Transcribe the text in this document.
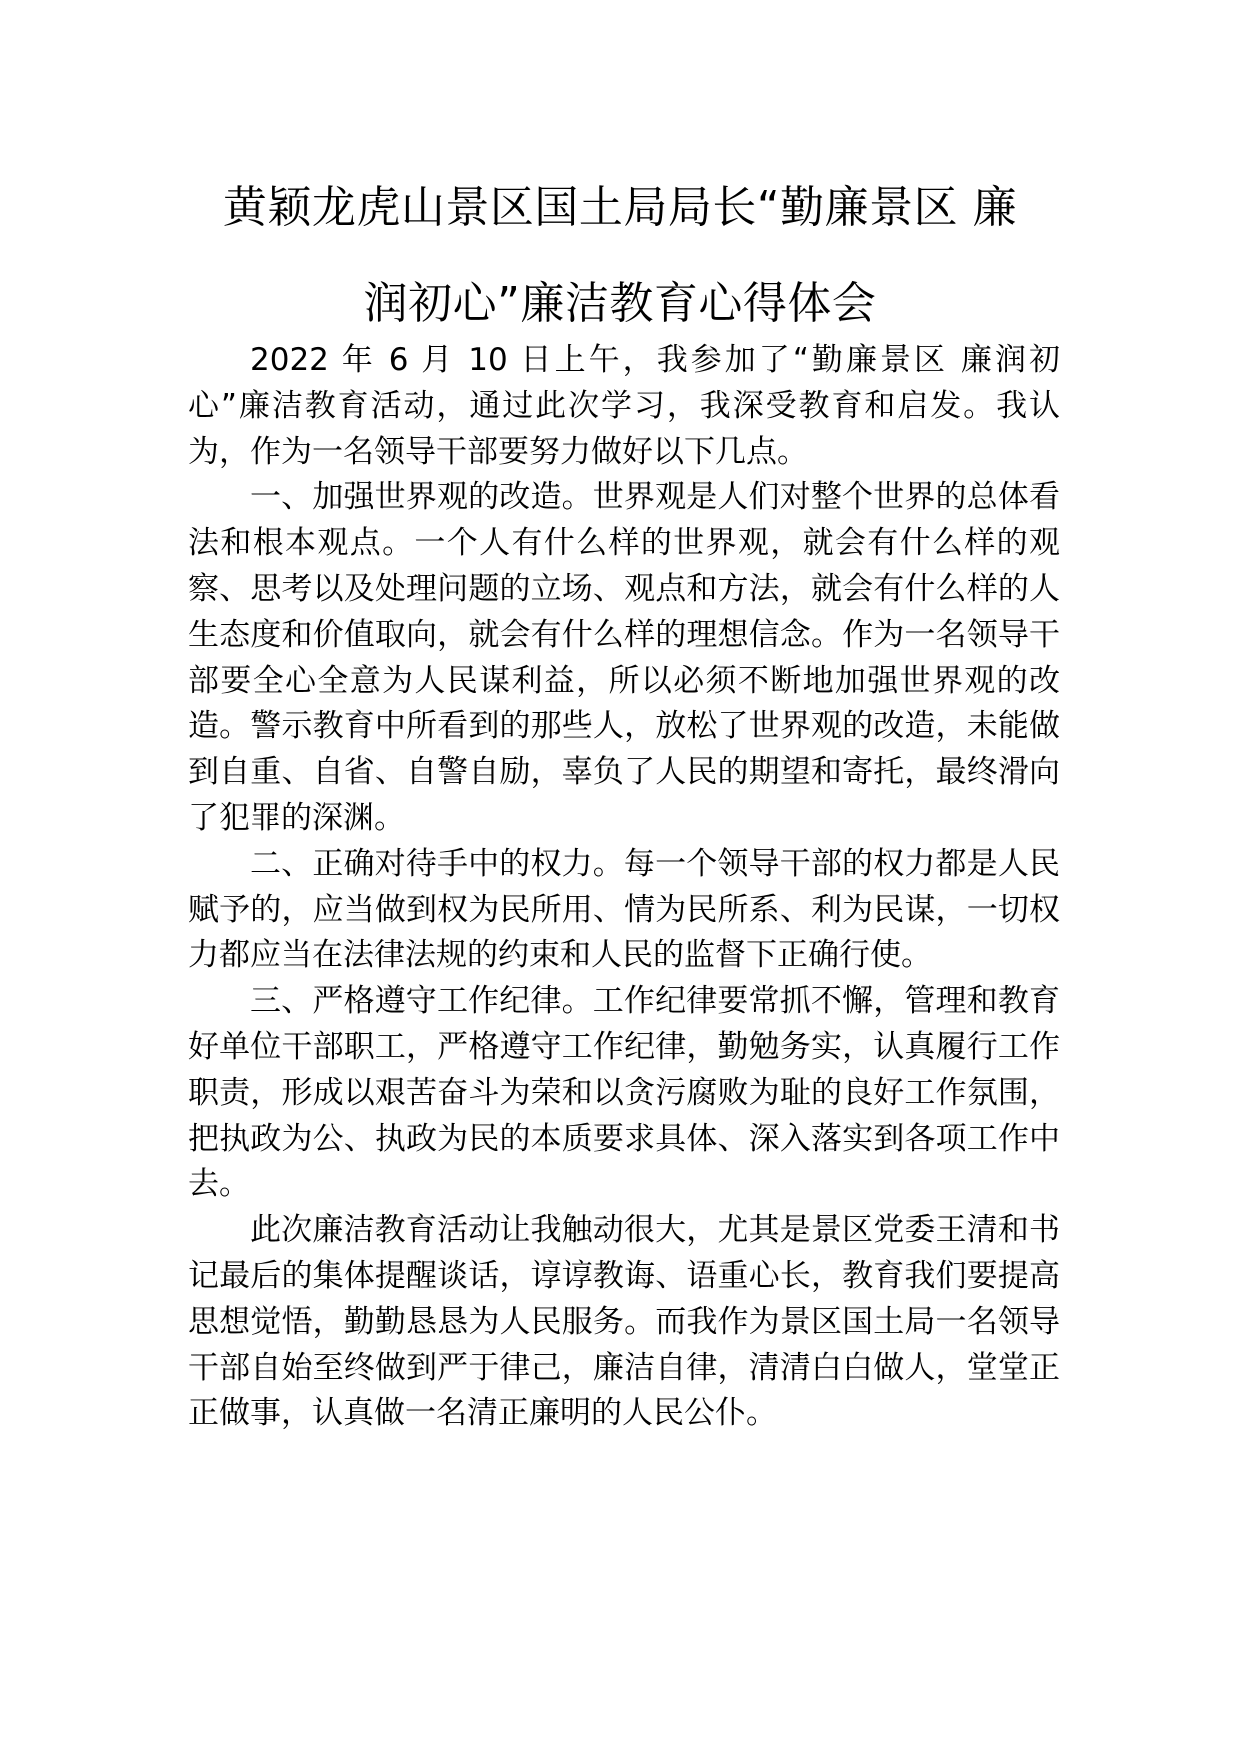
黄颖龙虎山景区国土局局长“勤廉景区 廉
润初心”廉洁教育心得体会

2022 年 6 月 10 日上午，我参加了“勤廉景区 廉润初心”廉洁教育活动，通过此次学习，我深受教育和启发。我认为，作为一名领导干部要努力做好以下几点。

一、加强世界观的改造。世界观是人们对整个世界的总体看法和根本观点。一个人有什么样的世界观，就会有什么样的观察、思考以及处理问题的立场、观点和方法，就会有什么样的人生态度和价值取向，就会有什么样的理想信念。作为一名领导干部要全心全意为人民谋利益，所以必须不断地加强世界观的改造。警示教育中所看到的那些人，放松了世界观的改造，未能做到自重、自省、自警自励，辜负了人民的期望和寄托，最终滑向了犯罪的深渊。

二、正确对待手中的权力。每一个领导干部的权力都是人民赋予的，应当做到权为民所用、情为民所系、利为民谋，一切权力都应当在法律法规的约束和人民的监督下正确行使。

三、严格遵守工作纪律。工作纪律要常抓不懈，管理和教育好单位干部职工，严格遵守工作纪律，勤勉务实，认真履行工作职责，形成以艰苦奋斗为荣和以贪污腐败为耻的良好工作氛围，把执政为公、执政为民的本质要求具体、深入落实到各项工作中去。

此次廉洁教育活动让我触动很大，尤其是景区党委王清和书记最后的集体提醒谈话，谆谆教诲、语重心长，教育我们要提高思想觉悟，勤勤恳恳为人民服务。而我作为景区国土局一名领导干部自始至终做到严于律己，廉洁自律，清清白白做人，堂堂正正做事，认真做一名清正廉明的人民公仆。
